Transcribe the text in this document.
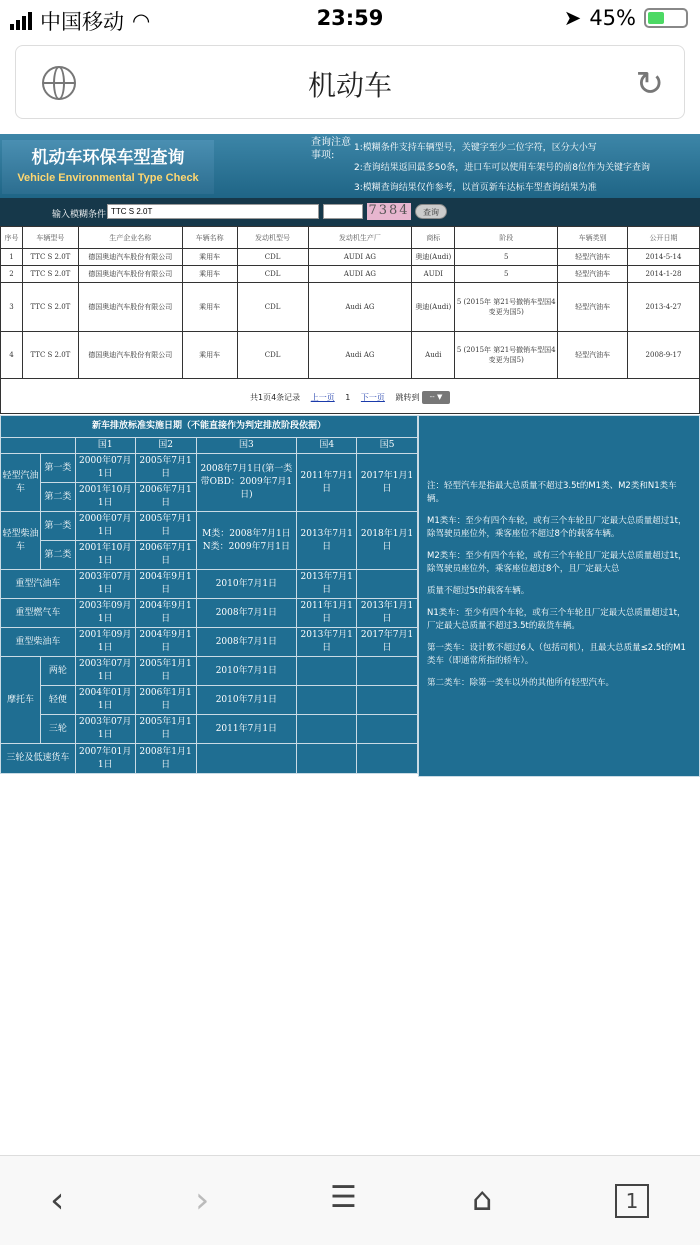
中国移动 ◠	23:59	➤ 45%
机动车	↻
机动车环保车型查询
Vehicle Environmental Type Check
查询注意事项:
1:模糊条件支持车辆型号，关键字至少二位字符，区分大小写
2:查询结果返回最多50条，进口车可以使用车架号的前8位作为关键字查询
3:模糊查询结果仅作参考，以首页新车达标车型查询结果为准
输入模糊条件
TTC S 2.0T	7384	查询
序号	车辆型号	生产企业名称	车辆名称	发动机型号	发动机生产厂	商标	阶段	车辆类别	公开日期
1	TTC S 2.0T	德国奥迪汽车股份有限公司	乘用车	CDL	AUDI AG	奥迪(Audi)	5	轻型汽油车	2014-5-14
2	TTC S 2.0T	德国奥迪汽车股份有限公司	乘用车	CDL	AUDI AG	AUDI	5	轻型汽油车	2014-1-28
3	TTC S 2.0T	德国奥迪汽车股份有限公司	乘用车	CDL	Audi AG	奥迪(Audi)	5 (2015年 第21号撤销车型国4变更为国5)	轻型汽油车	2013-4-27
4	TTC S 2.0T	德国奥迪汽车股份有限公司	乘用车	CDL	Audi AG	Audi	5 (2015年 第21号撤销车型国4变更为国5)	轻型汽油车	2008-9-17
共1页4条记录 上一页 1 下一页 跳转到 -- ▼
新车排放标准实施日期（不能直接作为判定排放阶段依据）						
		国1	国2	国3	国4	国5
轻型汽油车	第一类	2000年07月1日	2005年7月1日	2008年7月1日(第一类带OBD：2009年7月1日)	2011年7月1日	2017年1月1日
	第二类	2001年10月1日	2006年7月1日			
轻型柴油车	第一类	2000年07月1日	2005年7月1日	M类：2008年7月1日 N类：2009年7月1日	2013年7月1日	2018年1月1日
	第二类	2001年10月1日	2006年7月1日			
重型汽油车		2003年07月1日	2004年9月1日	2010年7月1日	2013年7月1日	
重型燃气车		2003年09月1日	2004年9月1日	2008年7月1日	2011年1月1日	2013年1月1日
重型柴油车		2001年09月1日	2004年9月1日	2008年7月1日	2013年7月1日	2017年7月1日
摩托车	两轮	2003年07月1日	2005年1月1日	2010年7月1日		
	轻便	2004年01月1日	2006年1月1日	2010年7月1日		
	三轮	2003年07月1日	2005年1月1日	2011年7月1日		
三轮及低速货车		2007年01月1日	2008年1月1日			

注：轻型汽车是指最大总质量不超过3.5t的M1类、M2类和N1类车辆。

M1类车：至少有四个车轮，或有三个车轮且厂定最大总质量超过1t，除驾驶员座位外，乘客座位不超过8个的载客车辆。

M2类车：至少有四个车轮，或有三个车轮且厂定最大总质量超过1t，除驾驶员座位外，乘客座位超过8个，且厂定最大总

质量不超过5t的载客车辆。

N1类车：至少有四个车轮，或有三个车轮且厂定最大总质量超过1t，厂定最大总质量不超过3.5t的载货车辆。

第一类车：设计数不超过6人（包括司机），且最大总质量≤2.5t的M1类车（即通常所指的轿车）。

第二类车：除第一类车以外的其他所有轻型汽车。

‹	›	☰	⌂	1
